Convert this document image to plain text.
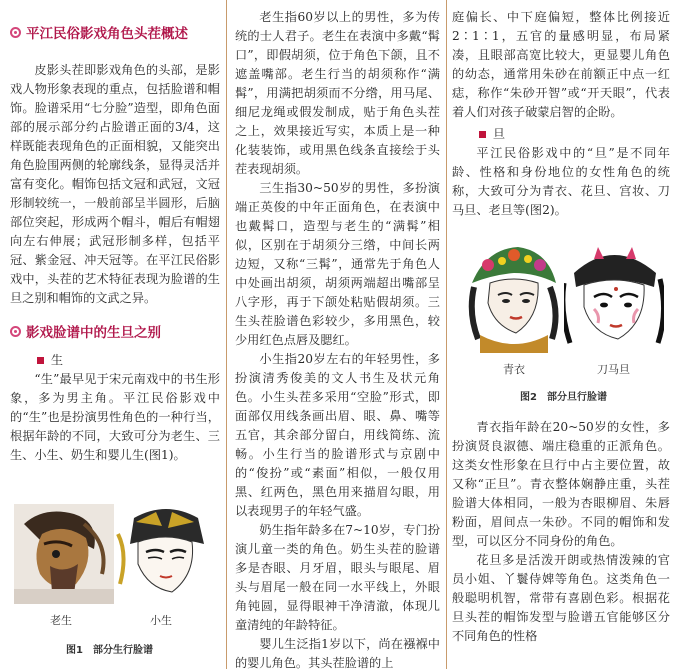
平江民俗影戏角色头茬概述

皮影头茬即影戏角色的头部，是影戏人物形象表现的重点，包括脸谱和帽饰。脸谱采用“七分脸”造型，即角色面部的展示部分约占脸谱正面的3/4，这样既能表现角色的正面相貌，又能突出角色脸围两侧的轮廓线条，显得灵活并富有变化。帽饰包括文冠和武冠，文冠形制较统一，一般前部呈半圆形，后脑部位突起，形成两个帽斗，帽后有帽翅向左右伸展；武冠形制多样，包括平冠、紫金冠、冲天冠等。在平江民俗影戏中，头茬的艺术特征表现为脸谱的生旦之别和帽饰的文武之异。

影戏脸谱中的生旦之别
生

“生”最早见于宋元南戏中的书生形象，多为男主角。平江民俗影戏中的“生”也是扮演男性角色的一种行当，根据年龄的不同，大致可分为老生、三生、小生、奶生和婴儿生(图1)。

老生	小生
图1　部分生行脸谱

老生指60岁以上的男性，多为传统的士人君子。老生在表演中多戴“髯口”，即假胡须，位于角色下颌，且不遮盖嘴部。老生行当的胡须称作“满髯”，用满把胡须而不分绺，用马尾、细尼龙绳或假发制成，贴于角色头茬之上，效果接近写实，本质上是一种化装装饰，或用黑色线条直接绘于头茬表现胡须。

三生指30~50岁的男性，多扮演端正英俊的中年正面角色，在表演中也戴髯口，造型与老生的“满髯”相似，区别在于胡须分三绺，中间长两边短，又称“三髯”，通常先于角色人中处画出胡须，胡须两端超出嘴部呈八字形，再于下颌处粘贴假胡须。三生头茬脸谱色彩较少，多用黑色，较少用红色点唇及腮红。

小生指20岁左右的年轻男性，多扮演清秀俊美的文人书生及状元角色。小生头茬多采用“空脸”形式，即面部仅用线条画出眉、眼、鼻、嘴等五官，其余部分留白，用线简练、流畅。小生行当的脸谱形式与京剧中的“俊扮”或“素面”相似，一般仅用黑、红两色，黑色用来描眉勾眼，用以表现男子的年轻气盛。

奶生指年龄多在7~10岁，专门扮演儿童一类的角色。奶生头茬的脸谱多是杏眼、月牙眉，眼头与眼尾、眉头与眉尾一般在同一水平线上，外眼角钝圆，显得眼神干净清澈，体现儿童清纯的年龄特征。

婴儿生泛指1岁以下，尚在襁褓中的婴儿角色。其头茬脸谱的上

庭偏长、中下庭偏短，整体比例接近2∶1∶1，五官的量感明显，布局紧凑，且眼部高宽比较大，更显婴儿角色的幼态，通常用朱砂在前额正中点一红痣，称作“朱砂开智”或“开天眼”，代表着人们对孩子破蒙启智的企盼。

旦

平江民俗影戏中的“旦”是不同年龄、性格和身份地位的女性角色的统称，大致可分为青衣、花旦、宫妆、刀马旦、老旦等(图2)。

青衣	刀马旦
图2　部分旦行脸谱

青衣指年龄在20~50岁的女性，多扮演贤良淑德、端庄稳重的正派角色。这类女性形象在旦行中占主要位置，故又称“正旦”。青衣整体娴静庄重，头茬脸谱大体相同，一般为杏眼柳眉、朱唇粉面，眉间点一朱砂。不同的帽饰和发型，可以区分不同身份的角色。

花旦多是活泼开朗或热情泼辣的官员小姐、丫鬟侍婢等角色。这类角色一般聪明机智，常带有喜剧色彩。根据花旦头茬的帽饰发型与脸谱五官能够区分不同角色的性格
